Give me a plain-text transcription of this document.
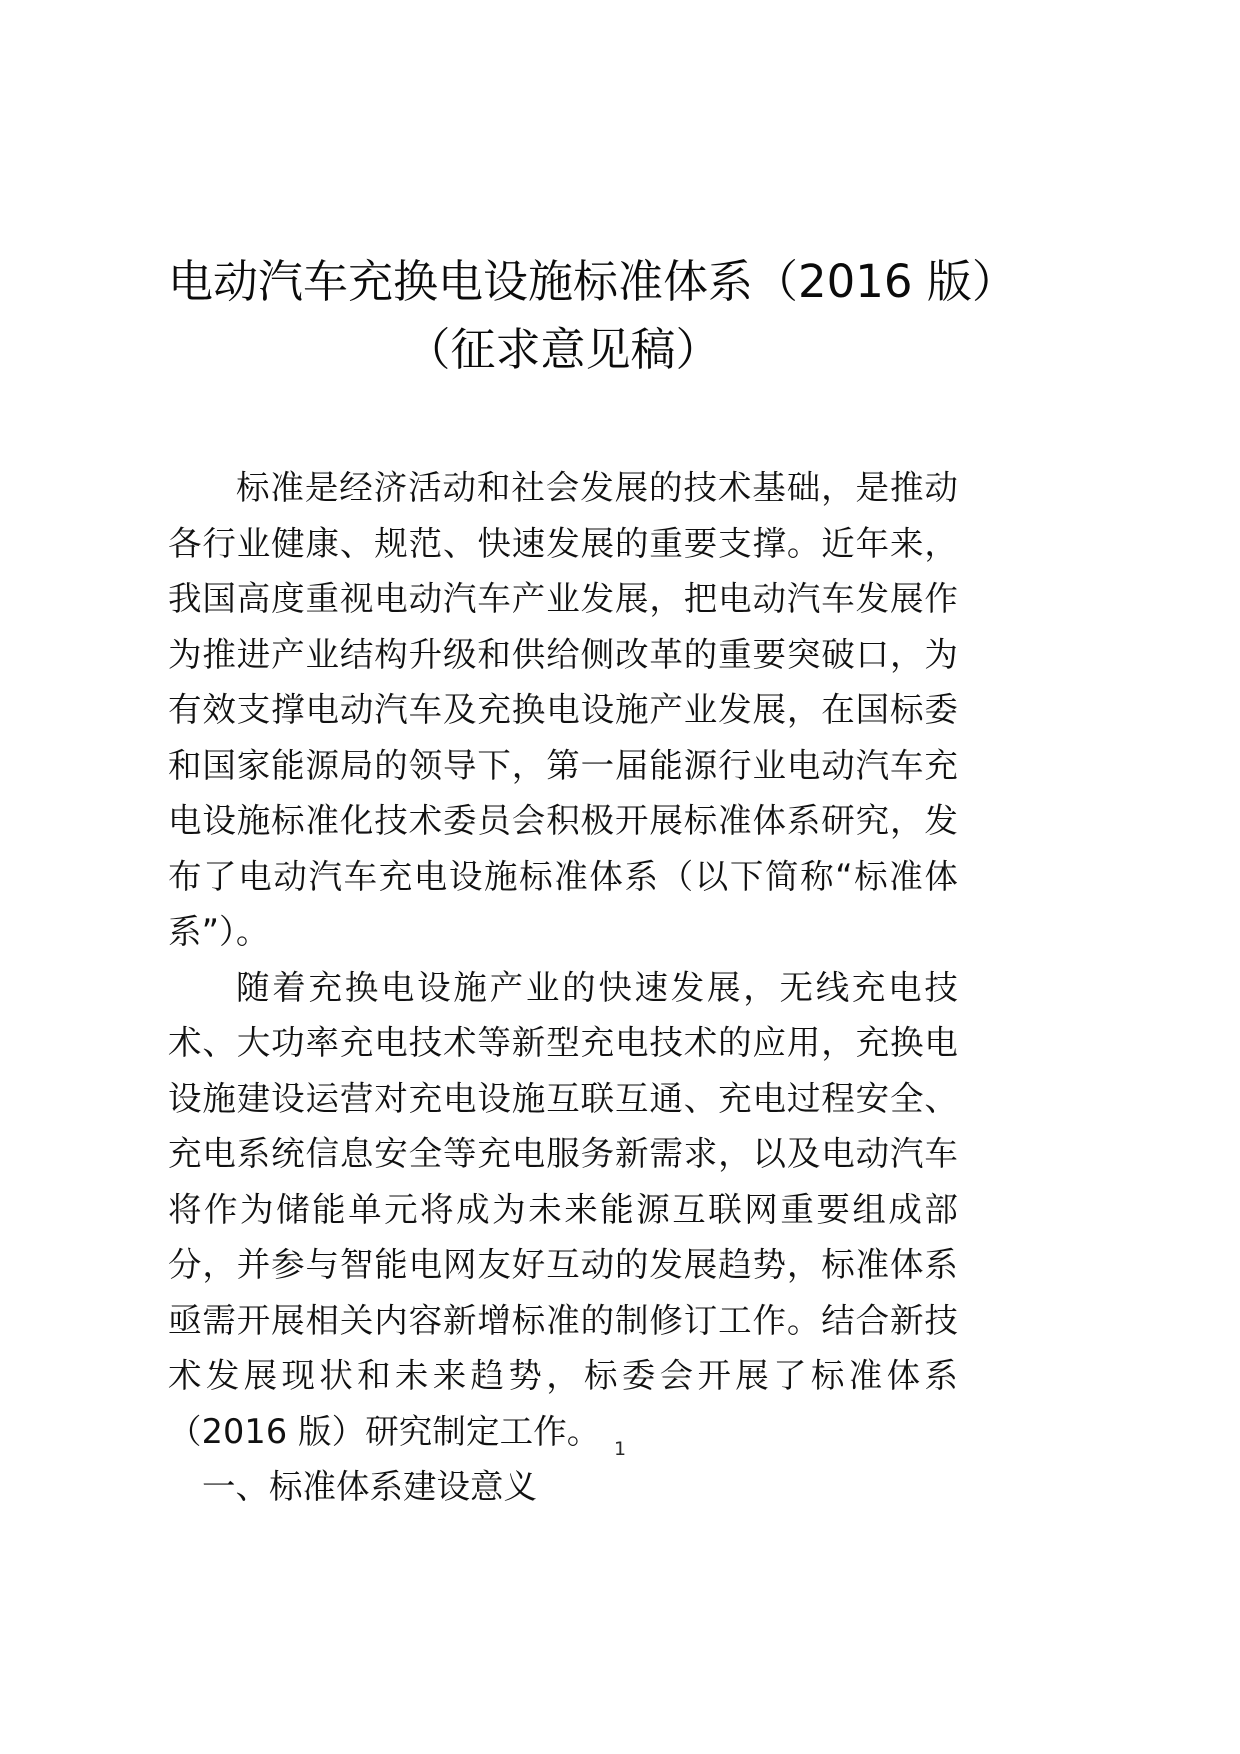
电动汽车充换电设施标准体系（2016 版）
（征求意见稿）

标准是经济活动和社会发展的技术基础，是推动各行业健康、规范、快速发展的重要支撑。近年来，我国高度重视电动汽车产业发展，把电动汽车发展作为推进产业结构升级和供给侧改革的重要突破口，为有效支撑电动汽车及充换电设施产业发展，在国标委和国家能源局的领导下，第一届能源行业电动汽车充电设施标准化技术委员会积极开展标准体系研究，发布了电动汽车充电设施标准体系（以下简称“标准体系”）。

随着充换电设施产业的快速发展，无线充电技术、大功率充电技术等新型充电技术的应用，充换电设施建设运营对充电设施互联互通、充电过程安全、充电系统信息安全等充电服务新需求，以及电动汽车将作为储能单元将成为未来能源互联网重要组成部分，并参与智能电网友好互动的发展趋势，标准体系亟需开展相关内容新增标准的制修订工作。结合新技术发展现状和未来趋势，标委会开展了标准体系（2016 版）研究制定工作。

一、标准体系建设意义

1
